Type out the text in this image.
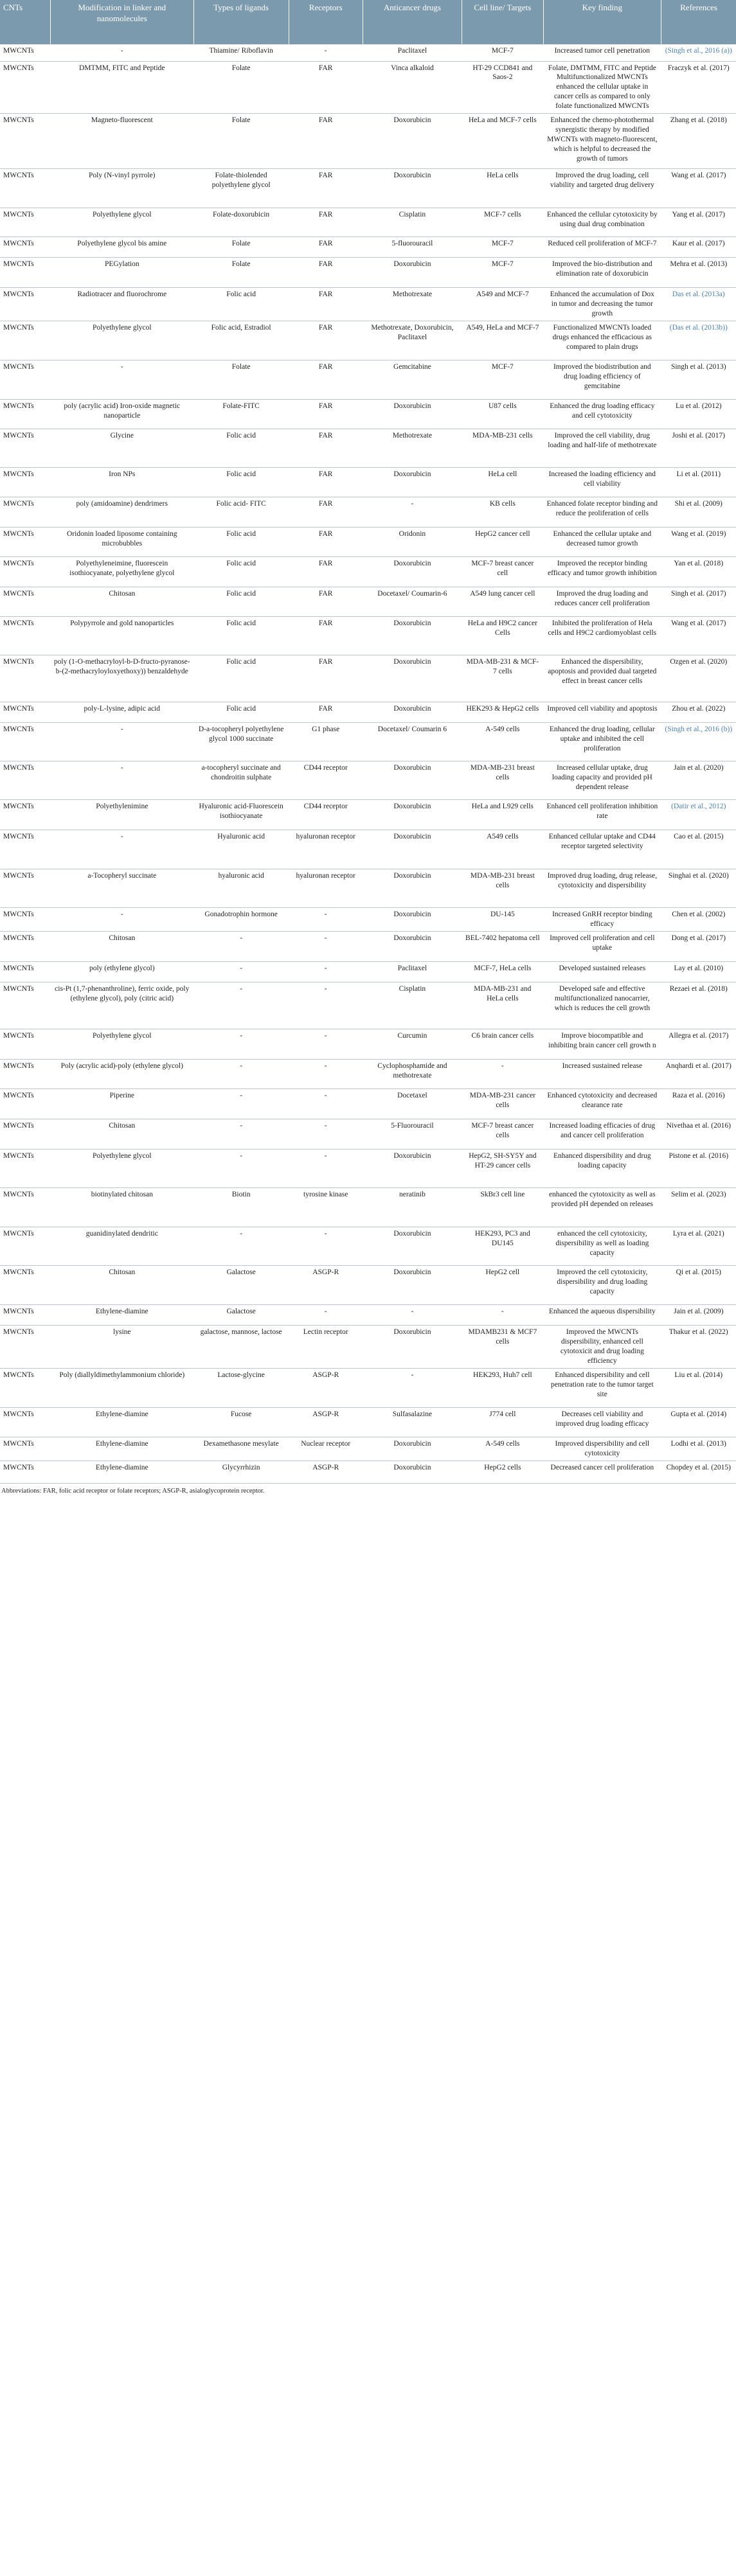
CNTs	Modification in linker and nanomolecules	Types of ligands	Receptors	Anticancer drugs	Cell line/ Targets	Key finding	References
MWCNTs	-	Thiamine/ Riboflavin	-	Paclitaxel	MCF-7	Increased tumor cell penetration	(Singh et al., 2016 (a))
MWCNTs	DMTMM, FITC and Peptide	Folate	FAR	Vinca alkaloid	HT-29 CCD841 and Saos-2	Folate, DMTMM, FITC and Peptide Multifunctionalized MWCNTs enhanced the cellular uptake in cancer cells as compared to only folate functionalized MWCNTs	Fraczyk et al. (2017)
MWCNTs	Magneto-fluorescent	Folate	FAR	Doxorubicin	HeLa and MCF-7 cells	Enhanced the chemo-photothermal synergistic therapy by modified MWCNTs with magneto-fluorescent, which is helpful to decreased the growth of tumors	Zhang et al. (2018)
MWCNTs	Poly (N-vinyl pyrrole)	Folate-thiolended polyethylene glycol	FAR	Doxorubicin	HeLa cells	Improved the drug loading, cell viability and targeted drug delivery	Wang et al. (2017)
MWCNTs	Polyethylene glycol	Folate-doxorubicin	FAR	Cisplatin	MCF-7 cells	Enhanced the cellular cytotoxicity by using dual drug combination	Yang et al. (2017)
MWCNTs	Polyethylene glycol bis amine	Folate	FAR	5-fluorouracil	MCF-7	Reduced cell proliferation of MCF-7	Kaur et al. (2017)
MWCNTs	PEGylation	Folate	FAR	Doxorubicin	MCF-7	Improved the bio-distribution and elimination rate of doxorubicin	Mehra et al. (2013)
MWCNTs	Radiotracer and fluorochrome	Folic acid	FAR	Methotrexate	A549 and MCF-7	Enhanced the accumulation of Dox in tumor and decreasing the tumor growth	Das et al. (2013a)
MWCNTs	Polyethylene glycol	Folic acid, Estradiol	FAR	Methotrexate, Doxorubicin, Paclitaxel	A549, HeLa and MCF-7	Functionalized MWCNTs loaded drugs enhanced the efficacious as compared to plain drugs	(Das et al. (2013b))
MWCNTs	-	Folate	FAR	Gemcitabine	MCF-7	Improved the biodistribution and drug loading efficiency of gemcitabine	Singh et al. (2013)
MWCNTs	poly (acrylic acid) Iron-oxide magnetic nanoparticle	Folate-FITC	FAR	Doxorubicin	U87 cells	Enhanced the drug loading efficacy and cell cytotoxicity	Lu et al. (2012)
MWCNTs	Glycine	Folic acid	FAR	Methotrexate	MDA-MB-231 cells	Improved the cell viability, drug loading and half-life of methotrexate	Joshi et al. (2017)
MWCNTs	Iron NPs	Folic acid	FAR	Doxorubicin	HeLa cell	Increased the loading efficiency and cell viability	Li et al. (2011)
MWCNTs	poly (amidoamine) dendrimers	Folic acid- FITC	FAR	-	KB cells	Enhanced folate receptor binding and reduce the proliferation of cells	Shi et al. (2009)
MWCNTs	Oridonin loaded liposome containing microbubbles	Folic acid	FAR	Oridonin	HepG2 cancer cell	Enhanced the cellular uptake and decreased tumor growth	Wang et al. (2019)
MWCNTs	Polyethyleneimine, fluorescein isothiocyanate, polyethylene glycol	Folic acid	FAR	Doxorubicin	MCF-7 breast cancer cell	Improved the receptor binding efficacy and tumor growth inhibition	Yan et al. (2018)
MWCNTs	Chitosan	Folic acid	FAR	Docetaxel/ Coumarin-6	A549 lung cancer cell	Improved the drug loading and reduces cancer cell proliferation	Singh et al. (2017)
MWCNTs	Polypyrrole and gold nanoparticles	Folic acid	FAR	Doxorubicin	HeLa and H9C2 cancer Cells	Inhibited the proliferation of Hela cells and H9C2 cardiomyoblast cells	Wang et al. (2017)
MWCNTs	poly (1-O-methacryloyl-b-D-fructo-pyranose-b-(2-methacryloyloxyethoxy)) benzaldehyde	Folic acid	FAR	Doxorubicin	MDA-MB-231 & MCF-7 cells	Enhanced the dispersibility, apoptosis and provided dual targeted effect in breast cancer cells	Ozgen et al. (2020)
MWCNTs	poly-L-lysine, adipic acid	Folic acid	FAR	Doxorubicin	HEK293 & HepG2 cells	Improved cell viability and apoptosis	Zhou et al. (2022)
MWCNTs	-	D-a-tocopheryl polyethylene glycol 1000 succinate	G1 phase	Docetaxel/ Coumarin 6	A-549 cells	Enhanced the drug loading, cellular uptake and inhibited the cell proliferation	(Singh et al., 2016 (b))
MWCNTs	-	a-tocopheryl succinate and chondroitin sulphate	CD44 receptor	Doxorubicin	MDA-MB-231 breast cells	Increased cellular uptake, drug loading capacity and provided pH dependent release	Jain et al. (2020)
MWCNTs	Polyethylenimine	Hyaluronic acid-Fluorescein isothiocyanate	CD44 receptor	Doxorubicin	HeLa and L929 cells	Enhanced cell proliferation inhibition rate	(Datir et al., 2012)
MWCNTs	-	Hyaluronic acid	hyaluronan receptor	Doxorubicin	A549 cells	Enhanced cellular uptake and CD44 receptor targeted selectivity	Cao et al. (2015)
MWCNTs	a-Tocopheryl succinate	hyaluronic acid	hyaluronan receptor	Doxorubicin	MDA-MB-231 breast cells	Improved drug loading, drug release, cytotoxicity and dispersibility	Singhai et al. (2020)
MWCNTs	-	Gonadotrophin hormone	-	Doxorubicin	DU-145	Increased GnRH receptor binding efficacy	Chen et al. (2002)
MWCNTs	Chitosan	-	-	Doxorubicin	BEL-7402 hepatoma cell	Improved cell proliferation and cell uptake	Dong et al. (2017)
MWCNTs	poly (ethylene glycol)	-	-	Paclitaxel	MCF-7, HeLa cells	Developed sustained releases	Lay et al. (2010)
MWCNTs	cis-Pt (1,7-phenanthroline), ferric oxide, poly (ethylene glycol), poly (citric acid)	-	-	Cisplatin	MDA-MB-231 and HeLa cells	Developed safe and effective multifunctionalized nanocarrier, which is reduces the cell growth	Rezaei et al. (2018)
MWCNTs	Polyethylene glycol	-	-	Curcumin	C6 brain cancer cells	Improve biocompatible and inhibiting brain cancer cell growth n	Allegra et al. (2017)
MWCNTs	Poly (acrylic acid)-poly (ethylene glycol)	-	-	Cyclophosphamide and methotrexate	-	Increased sustained release	Anqhardi et al. (2017)
MWCNTs	Piperine	-	-	Docetaxel	MDA-MB-231 cancer cells	Enhanced cytotoxicity and decreased clearance rate	Raza et al. (2016)
MWCNTs	Chitosan	-	-	5-Fluorouracil	MCF-7 breast cancer cells	Increased loading efficacies of drug and cancer cell proliferation	Nivethaa et al. (2016)
MWCNTs	Polyethylene glycol	-	-	Doxorubicin	HepG2, SH-SY5Y and HT-29 cancer cells	Enhanced dispersibility and drug loading capacity	Pistone et al. (2016)
MWCNTs	biotinylated chitosan	Biotin	tyrosine kinase	neratinib	SkBr3 cell line	enhanced the cytotoxicity as well as provided pH depended on releases	Selim et al. (2023)
MWCNTs	guanidinylated dendritic	-	-	Doxorubicin	HEK293, PC3 and DU145	enhanced the cell cytotoxicity, dispersibility as well as loading capacity	Lyra et al. (2021)
MWCNTs	Chitosan	Galactose	ASGP-R	Doxorubicin	HepG2 cell	Improved the cell cytotoxicity, dispersibility and drug loading capacity	Qi et al. (2015)
MWCNTs	Ethylene-diamine	Galactose	-	-	-	Enhanced the aqueous dispersibility	Jain et al. (2009)
MWCNTs	lysine	galactose, mannose, lactose	Lectin receptor	Doxorubicin	MDAMB231 & MCF7 cells	Improved the MWCNTs dispersibility, enhanced cell cytotoxicit and drug loading efficiency	Thakur et al. (2022)
MWCNTs	Poly (diallyldimethylammonium chloride)	Lactose-glycine	ASGP-R	-	HEK293, Huh7 cell	Enhanced dispersibility and cell penetration rate to the tumor target site	Liu et al. (2014)
MWCNTs	Ethylene-diamine	Fucose	ASGP-R	Sulfasalazine	J774 cell	Decreases cell viability and improved drug loading efficacy	Gupta et al. (2014)
MWCNTs	Ethylene-diamine	Dexamethasone mesylate	Nuclear receptor	Doxorubicin	A-549 cells	Improved dispersibility and cell cytotoxicity	Lodhi et al. (2013)
MWCNTs	Ethylene-diamine	Glycyrrhizin	ASGP-R	Doxorubicin	HepG2 cells	Decreased cancer cell proliferation	Chopdey et al. (2015)
Abbreviations: FAR, folic acid receptor or folate receptors; ASGP-R, asialoglycoprotein receptor.
